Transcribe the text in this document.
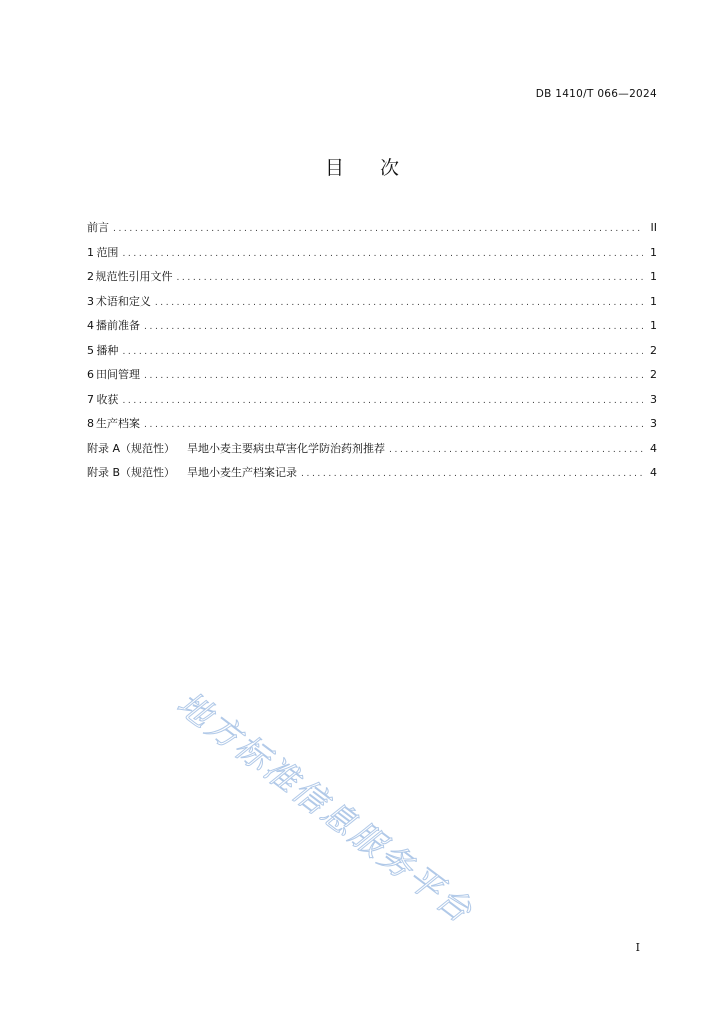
DB 1410/T 066—2024
目 次
前言 .....	II
1 范围 .....	1
2 规范性引用文件 .....	1
3 术语和定义 .....	1
4 播前准备 .....	1
5 播种 .....	2
6 田间管理 .....	2
7 收获 .....	3
8 生产档案 .....	3
附录 A（规范性） 旱地小麦主要病虫草害化学防治药剂推荐 .....	4
附录 B（规范性） 旱地小麦生产档案记录 .....	4
地方标准信息服务平台
I
